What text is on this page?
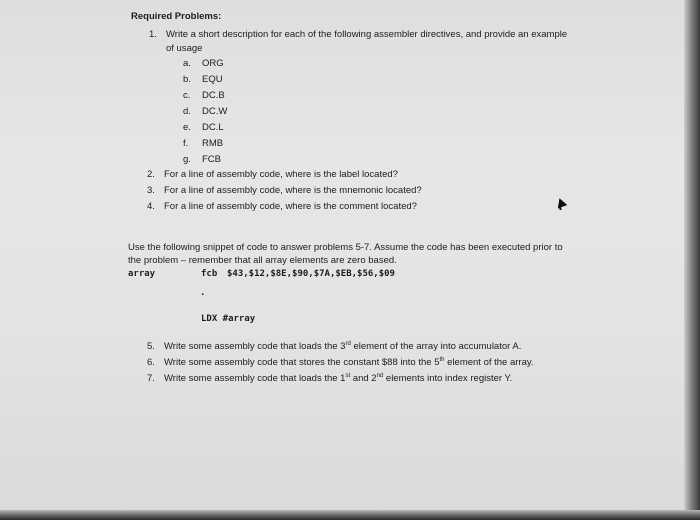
Required Problems:
1. Write a short description for each of the following assembler directives, and provide an example
of usage
a. ORG
b. EQU
c. DC.B
d. DC.W
e. DC.L
f. RMB
g. FCB
2. For a line of assembly code, where is the label located?
3. For a line of assembly code, where is the mnemonic located?
4. For a line of assembly code, where is the comment located?
Use the following snippet of code to answer problems 5-7. Assume the code has been executed prior to
the problem – remember that all array elements are zero based.
array	fcb $43,$12,$8E,$90,$7A,$EB,$56,$09
.
LDX #array
5. Write some assembly code that loads the 3rd element of the array into accumulator A.
6. Write some assembly code that stores the constant $88 into the 5th element of the array.
7. Write some assembly code that loads the 1st and 2nd elements into index register Y.
